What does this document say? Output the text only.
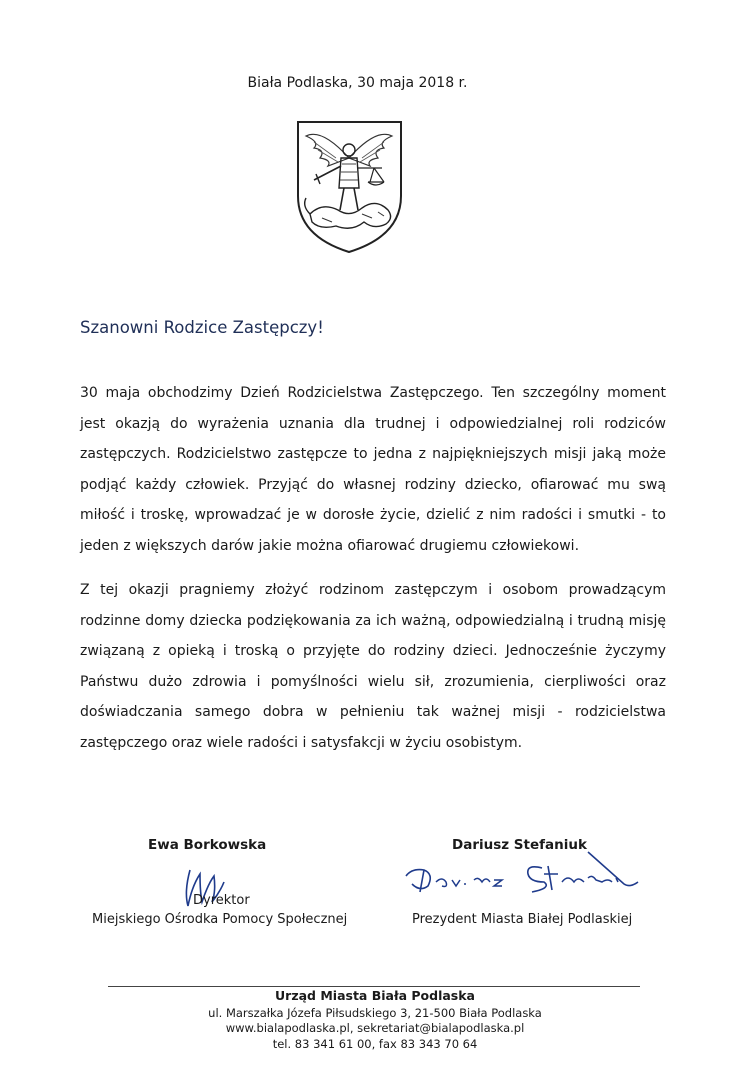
Biała Podlaska, 30 maja 2018 r.
Szanowni Rodzice Zastępczy!

30 maja obchodzimy Dzień Rodzicielstwa Zastępczego. Ten szczególny moment jest okazją do wyrażenia uznania dla trudnej i odpowiedzialnej roli rodziców zastępczych. Rodzicielstwo zastępcze to jedna z najpiękniejszych misji jaką może podjąć każdy człowiek. Przyjąć do własnej rodziny dziecko, ofiarować mu swą miłość i troskę, wprowadzać je w dorosłe życie, dzielić z nim radości i smutki - to jeden z większych darów jakie można ofiarować drugiemu człowiekowi.

Z tej okazji pragniemy złożyć rodzinom zastępczym i osobom prowadzącym rodzinne domy dziecka podziękowania za ich ważną, odpowiedzialną i trudną misję związaną z opieką i troską o przyjęte do rodziny dzieci. Jednocześnie życzymy Państwu dużo zdrowia i pomyślności wielu sił, zrozumienia, cierpliwości oraz doświadczania samego dobra w pełnieniu tak ważnej misji - rodzicielstwa zastępczego oraz wiele radości i satysfakcji w życiu osobistym.

Ewa Borkowska
Dyrektor
Miejskiego Ośrodka Pomocy Społecznej
Dariusz Stefaniuk
Prezydent Miasta Białej Podlaskiej
Urząd Miasta Biała Podlaska
ul. Marszałka Józefa Piłsudskiego 3, 21-500 Biała Podlaska
www.bialapodlaska.pl, sekretariat@bialapodlaska.pl
tel. 83 341 61 00, fax 83 343 70 64
